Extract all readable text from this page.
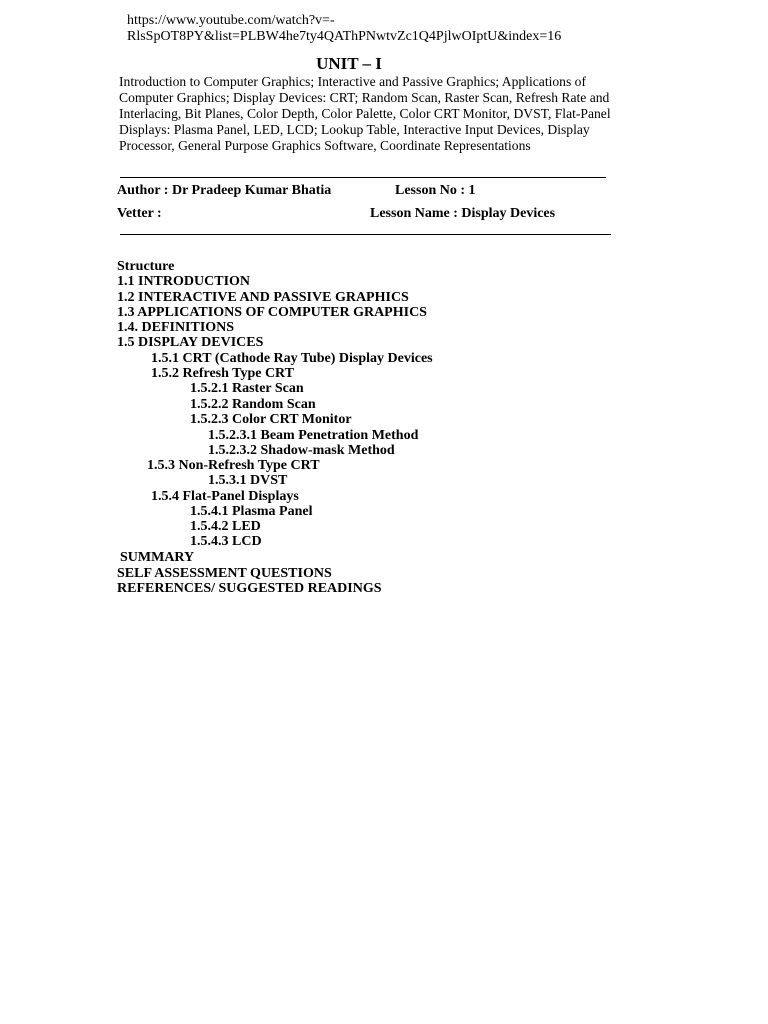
https://www.youtube.com/watch?v=-
RlsSpOT8PY&list=PLBW4he7ty4QAThPNwtvZc1Q4PjlwOIptU&index=16
UNIT – I
Introduction to Computer Graphics; Interactive and Passive Graphics; Applications of
Computer Graphics; Display Devices: CRT; Random Scan, Raster Scan, Refresh Rate and
Interlacing, Bit Planes, Color Depth, Color Palette, Color CRT Monitor, DVST, Flat-Panel
Displays: Plasma Panel, LED, LCD; Lookup Table, Interactive Input Devices, Display
Processor, General Purpose Graphics Software, Coordinate Representations
Author : Dr Pradeep Kumar Bhatia	Lesson No : 1
Vetter :	Lesson Name : Display Devices
Structure
1.1 INTRODUCTION
1.2 INTERACTIVE AND PASSIVE GRAPHICS
1.3 APPLICATIONS OF COMPUTER GRAPHICS
1.4. DEFINITIONS
1.5 DISPLAY DEVICES
1.5.1 CRT (Cathode Ray Tube) Display Devices
1.5.2 Refresh Type CRT
1.5.2.1 Raster Scan
1.5.2.2 Random Scan
1.5.2.3 Color CRT Monitor
1.5.2.3.1 Beam Penetration Method
1.5.2.3.2 Shadow-mask Method
1.5.3 Non-Refresh Type CRT
1.5.3.1 DVST
1.5.4 Flat-Panel Displays
1.5.4.1 Plasma Panel
1.5.4.2 LED
1.5.4.3 LCD
SUMMARY
SELF ASSESSMENT QUESTIONS
REFERENCES/ SUGGESTED READINGS
